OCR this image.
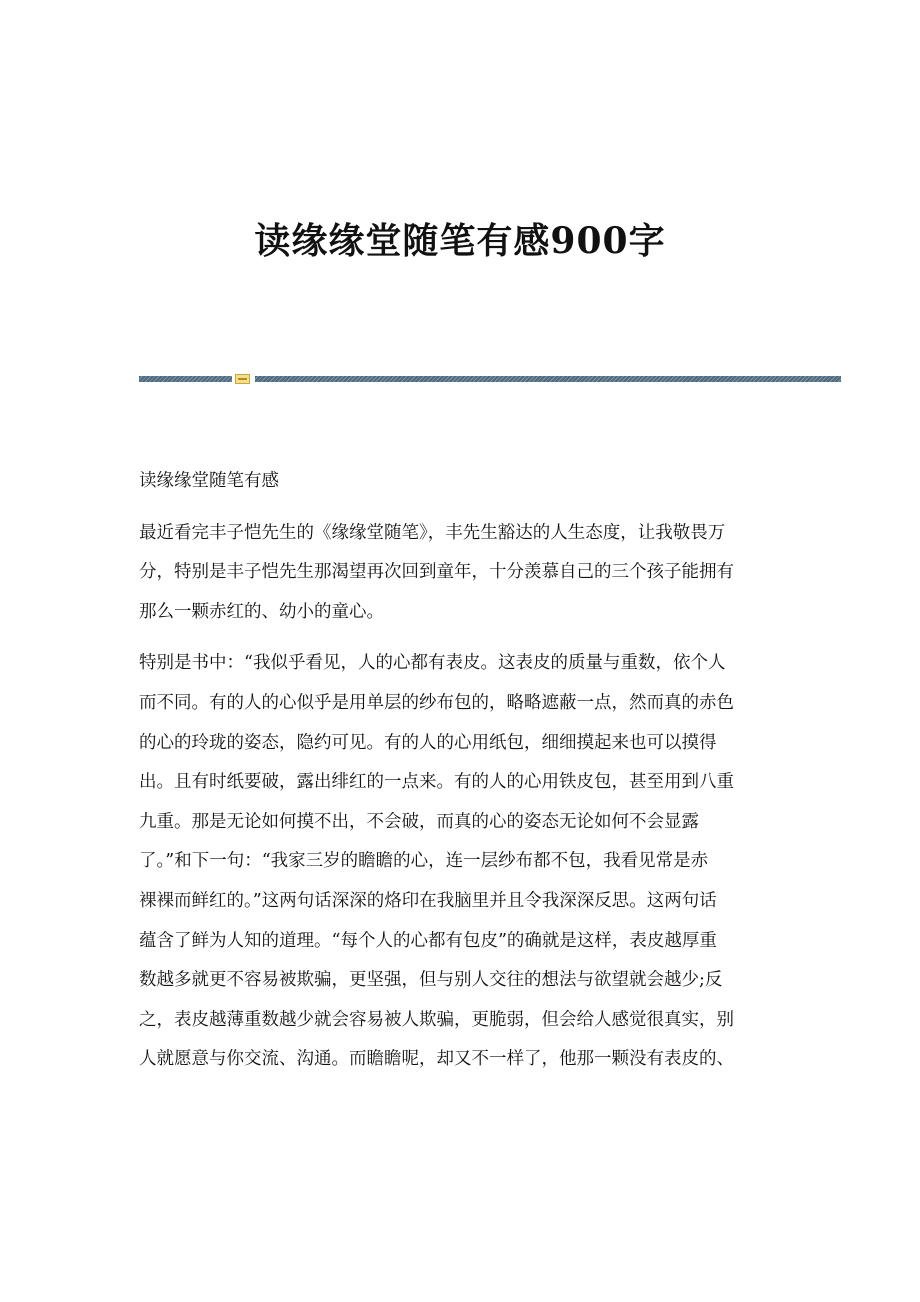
读缘缘堂随笔有感900字

读缘缘堂随笔有感

最近看完丰子恺先生的《缘缘堂随笔》，丰先生豁达的人生态度，让我敬畏万
分，特别是丰子恺先生那渴望再次回到童年，十分羡慕自己的三个孩子能拥有
那么一颗赤红的、幼小的童心。

特别是书中：“我似乎看见，人的心都有表皮。这表皮的质量与重数，依个人
而不同。有的人的心似乎是用单层的纱布包的，略略遮蔽一点，然而真的赤色
的心的玲珑的姿态，隐约可见。有的人的心用纸包，细细摸起来也可以摸得
出。且有时纸要破，露出绯红的一点来。有的人的心用铁皮包，甚至用到八重
九重。那是无论如何摸不出，不会破，而真的心的姿态无论如何不会显露
了。”和下一句：“我家三岁的瞻瞻的心，连一层纱布都不包，我看见常是赤
裸裸而鲜红的。”这两句话深深的烙印在我脑里并且令我深深反思。这两句话
蕴含了鲜为人知的道理。“每个人的心都有包皮”的确就是这样，表皮越厚重
数越多就更不容易被欺骗，更坚强，但与别人交往的想法与欲望就会越少;反
之，表皮越薄重数越少就会容易被人欺骗，更脆弱，但会给人感觉很真实，别
人就愿意与你交流、沟通。而瞻瞻呢，却又不一样了，他那一颗没有表皮的、
